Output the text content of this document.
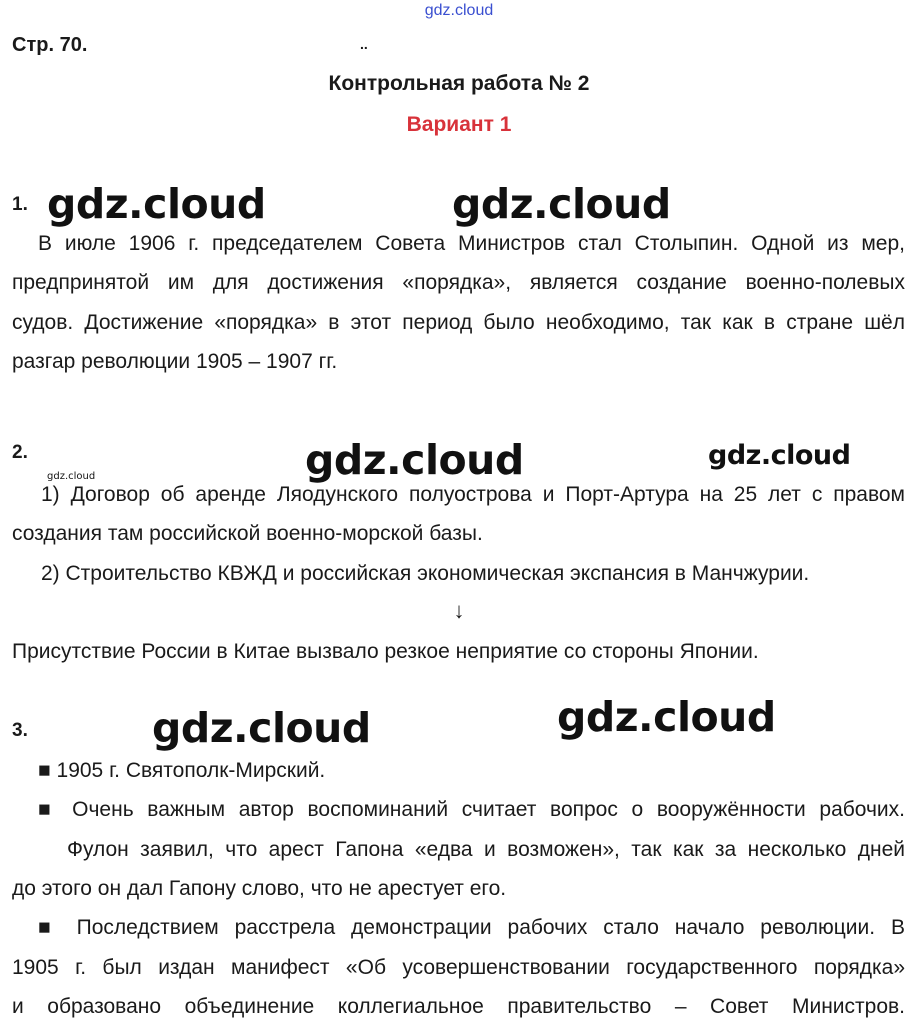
gdz.cloud
Стр. 70.	..
Контрольная работа № 2
Вариант 1
1. gdz.cloud	gdz.cloud
В июле 1906 г. председателем Совета Министров стал Столыпин. Одной из мер,
предпринятой им для достижения «порядка», является создание военно-полевых
судов. Достижение «порядка» в этот период было необходимо, так как в стране шёл
разгар революции 1905 – 1907 гг.
2.
gdz.cloud	gdz.cloud	gdz.cloud
1) Договор об аренде Ляодунского полуострова и Порт-Артура на 25 лет с правом
создания там российской военно-морской базы.
2) Строительство КВЖД и российская экономическая экспансия в Манчжурии.
↓
Присутствие России в Китае вызвало резкое неприятие со стороны Японии.
3.	gdz.cloud	gdz.cloud
■ 1905 г. Святополк-Мирский.
■ Очень важным автор воспоминаний считает вопрос о вооружённости рабочих.
Фулон заявил, что арест Гапона «едва и возможен», так как за несколько дней
до этого он дал Гапону слово, что не арестует его.
■ Последствием расстрела демонстрации рабочих стало начало революции. В
1905 г. был издан манифест «Об усовершенствовании государственного порядка»
и образовано объединение коллегиальное правительство – Совет Министров.
